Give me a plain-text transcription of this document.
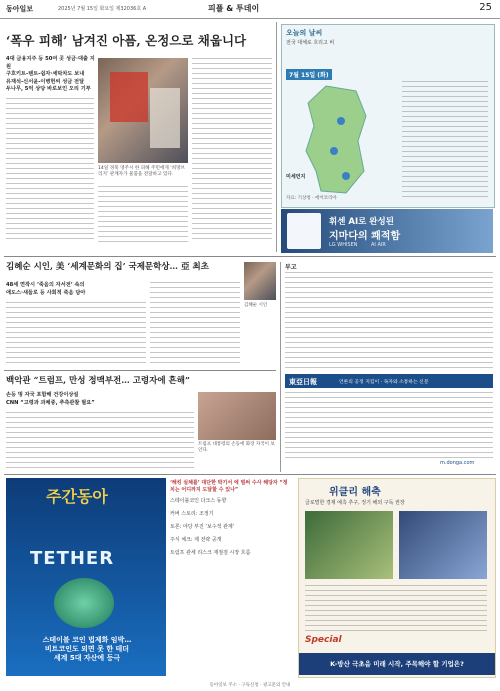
동아일보	2025년 7월 15일 화요일 제32036호 A	피플 & 투데이	25
‘폭우 피해’ 남겨진 아픔, 온정으로 채웁니다
4대 금융지주 등 50여 곳 성금·대출 지원
구호키트-텐트-쉼자·세탁차도 보내
유재석-신서윤-이병헌씨 성금 전달
두나무, 5억 상당 바로보인 오리 기부
14일 경북 영주시 한 피해 주민에게 ‘희망브리지’ 관계자가 물품을 전달하고 있다.
오늘의 날씨
전국 대체로 흐리고 비
7월 15일 (화)
미세먼지
자료: 기상청 · 에어코리아
휘센 AI로 완성된
지마다의 쾌적함
LG WHISEN	AI AIR
김혜순 시인, 美 ‘세계문화의 집’ 국제문학상… 亞 최초
48세 연작시 ‘죽음의 자서전’ 속의
애도스·새들로 등 사회적 죽음 담아
김혜순 시인
백악관 “트럼프, 만성 정맥부전… 고령자에 흔해”
손등 멍 자국 포함해 건강이상설
CNN “고령과 과체중, 추측관찰 필요”
트럼프 대통령의 손등에 화장 자국이 보인다.
부고
東亞日報	언론의 공정 지킴이 · 독자와 소통하는 신문
m.donga.com
주간동아
TETHER
스테이블 코인 법제화 임박…
비트코인도 외면 못 한 테더
세계 5대 자산에 등극
‘해킹 실체를’ 대단한 박기서 에 벌써 수사 해당자 “정치는 어디까지 도달할 수 있나”
스테이블코인 다크스 동향
커버 스토리: 조정기
토론: 야당 부진 ‘보수적 관계’
주식 체크: 제 전략 공개
트럼프 관세 리스크 재점검 시장 흐름
위클리 해축
글로벌한 경제 예측 추구, 정기 해외 구독 권장
Special
K-방산 극초음 미래 시작, 주목해야 할 기업은?
동아일보 주소 · 구독신청 · 광고문의 안내
